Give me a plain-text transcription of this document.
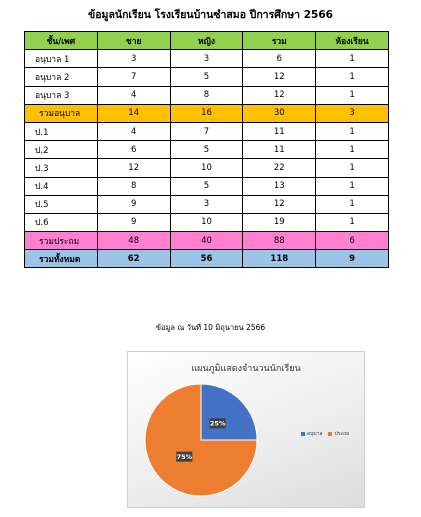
ข้อมูลนักเรียน โรงเรียนบ้านซำสมอ ปีการศึกษา 2566
ชั้น/เพศ	ชาย	หญิง	รวม	ห้องเรียน
อนุบาล 1	3	3	6	1
อนุบาล 2	7	5	12	1
อนุบาล 3	4	8	12	1
รวมอนุบาล	14	16	30	3
ป.1	4	7	11	1
ป.2	6	5	11	1
ป.3	12	10	22	1
ป.4	8	5	13	1
ป.5	9	3	12	1
ป.6	9	10	19	1
รวมประถม	48	40	88	6
รวมทั้งหมด	62	56	118	9
ข้อมูล ณ วันที่ 10 มิถุนายน 2566
แผนภูมิแสดงจำนวนนักเรียน
25%
75%
อนุบาล ประถม
